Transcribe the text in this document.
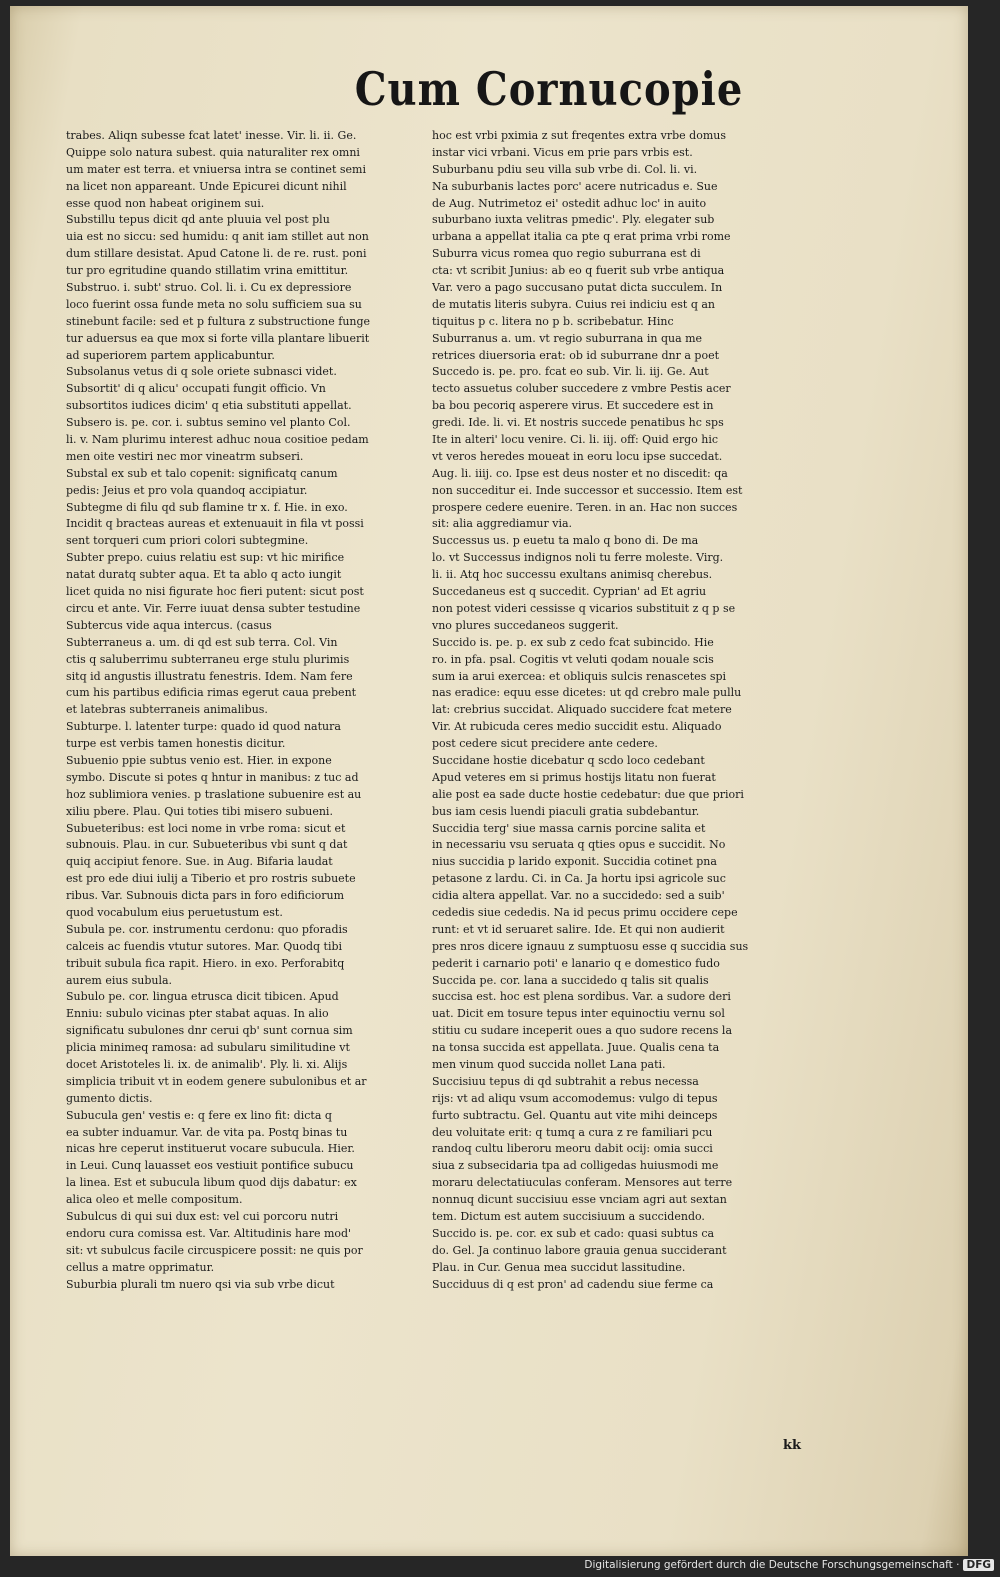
Cum Cornucopie
trabes. Aliqn subesse fcat latet' inesse. Vir. li. ii. Ge.
Quippe solo natura subest. quia naturaliter rex omni
um mater est terra. et vniuersa intra se continet semi
na licet non appareant. Unde Epicurei dicunt nihil
esse quod non habeat originem sui.
Substillu tepus dicit qd ante pluuia vel post plu
uia est no siccu: sed humidu: q anit iam stillet aut non
dum stillare desistat. Apud Catone li. de re. rust. poni
tur pro egritudine quando stillatim vrina emittitur.
Substruo. i. subt' struo. Col. li. i. Cu ex depressiore
loco fuerint ossa funde meta no solu sufficiem sua su
stinebunt facile: sed et p fultura z substructione funge
tur aduersus ea que mox si forte villa plantare libuerit
ad superiorem partem applicabuntur.
Subsolanus vetus di q sole oriete subnasci videt.
Subsortit' di q alicu' occupati fungit officio. Vn
subsortitos iudices dicim' q etia substituti appellat.
Subsero is. pe. cor. i. subtus semino vel planto Col.
li. v. Nam plurimu interest adhuc noua cositioe pedam
men oite vestiri nec mor vineatrm subseri.
Substal ex sub et talo copenit: significatq canum
pedis: Jeius et pro vola quandoq accipiatur.
Subtegme di filu qd sub flamine tr x. f. Hie. in exo.
Incidit q bracteas aureas et extenuauit in fila vt possi
sent torqueri cum priori colori subtegmine.
Subter prepo. cuius relatiu est sup: vt hic mirifice
natat duratq subter aqua. Et ta ablo q acto iungit
licet quida no nisi figurate hoc fieri putent: sicut post
circu et ante. Vir. Ferre iuuat densa subter testudine
Subtercus vide aqua intercus. (casus
Subterraneus a. um. di qd est sub terra. Col. Vin
ctis q saluberrimu subterraneu erge stulu plurimis
sitq id angustis illustratu fenestris. Idem. Nam fere
cum his partibus edificia rimas egerut caua prebent
et latebras subterraneis animalibus.
Subturpe. l. latenter turpe: quado id quod natura
turpe est verbis tamen honestis dicitur.
Subuenio ppie subtus venio est. Hier. in expone
symbo. Discute si potes q hntur in manibus: z tuc ad
hoz sublimiora venies. p traslatione subuenire est au
xiliu pbere. Plau. Qui toties tibi misero subueni.
Subueteribus: est loci nome in vrbe roma: sicut et
subnouis. Plau. in cur. Subueteribus vbi sunt q dat
quiq accipiut fenore. Sue. in Aug. Bifaria laudat
est pro ede diui iulij a Tiberio et pro rostris subuete
ribus. Var. Subnouis dicta pars in foro edificiorum
quod vocabulum eius peruetustum est.
Subula pe. cor. instrumentu cerdonu: quo pforadis
calceis ac fuendis vtutur sutores. Mar. Quodq tibi
tribuit subula fica rapit. Hiero. in exo. Perforabitq
aurem eius subula.
Subulo pe. cor. lingua etrusca dicit tibicen. Apud
Enniu: subulo vicinas pter stabat aquas. In alio
significatu subulones dnr cerui qb' sunt cornua sim
plicia minimeq ramosa: ad subularu similitudine vt
docet Aristoteles li. ix. de animalib'. Ply. li. xi. Alijs
simplicia tribuit vt in eodem genere subulonibus et ar
gumento dictis.
Subucula gen' vestis e: q fere ex lino fit: dicta q
ea subter induamur. Var. de vita pa. Postq binas tu
nicas hre ceperut instituerut vocare subucula. Hier.
in Leui. Cunq lauasset eos vestiuit pontifice subucu
la linea. Est et subucula libum quod dijs dabatur: ex
alica oleo et melle compositum.
Subulcus di qui sui dux est: vel cui porcoru nutri
endoru cura comissa est. Var. Altitudinis hare mod'
sit: vt subulcus facile circuspicere possit: ne quis por
cellus a matre opprimatur.
Suburbia plurali tm nuero qsi via sub vrbe dicut
hoc est vrbi pximia z sut freqentes extra vrbe domus
instar vici vrbani. Vicus em prie pars vrbis est.
Suburbanu pdiu seu villa sub vrbe di. Col. li. vi.
Na suburbanis lactes porc' acere nutricadus e. Sue
de Aug. Nutrimetoz ei' ostedit adhuc loc' in auito
suburbano iuxta velitras pmedic'. Ply. elegater sub
urbana a appellat italia ca pte q erat prima vrbi rome
Suburra vicus romea quo regio suburrana est di
cta: vt scribit Junius: ab eo q fuerit sub vrbe antiqua
Var. vero a pago succusano putat dicta succulem. In
de mutatis literis subyra. Cuius rei indiciu est q an
tiquitus p c. litera no p b. scribebatur. Hinc
Suburranus a. um. vt regio suburrana in qua me
retrices diuersoria erat: ob id suburrane dnr a poet
Succedo is. pe. pro. fcat eo sub. Vir. li. iij. Ge. Aut
tecto assuetus coluber succedere z vmbre Pestis acer
ba bou pecoriq asperere virus. Et succedere est in
gredi. Ide. li. vi. Et nostris succede penatibus hc sps
Ite in alteri' locu venire. Ci. li. iij. off: Quid ergo hic
vt veros heredes moueat in eoru locu ipse succedat.
Aug. li. iiij. co. Ipse est deus noster et no discedit: qa
non succeditur ei. Inde successor et successio. Item est
prospere cedere euenire. Teren. in an. Hac non succes
sit: alia aggrediamur via.
Successus us. p euetu ta malo q bono di. De ma
lo. vt Successus indignos noli tu ferre moleste. Virg.
li. ii. Atq hoc successu exultans animisq cherebus.
Succedaneus est q succedit. Cyprian' ad Et agriu
non potest videri cessisse q vicarios substituit z q p se
vno plures succedaneos suggerit.
Succido is. pe. p. ex sub z cedo fcat subincido. Hie
ro. in pfa. psal. Cogitis vt veluti qodam nouale scis
sum ia arui exercea: et obliquis sulcis renascetes spi
nas eradice: equu esse dicetes: ut qd crebro male pullu
lat: crebrius succidat. Aliquado succidere fcat metere
Vir. At rubicuda ceres medio succidit estu. Aliquado
post cedere sicut precidere ante cedere.
Succidane hostie dicebatur q scdo loco cedebant
Apud veteres em si primus hostijs litatu non fuerat
alie post ea sade ducte hostie cedebatur: due que priori
bus iam cesis luendi piaculi gratia subdebantur.
Succidia terg' siue massa carnis porcine salita et
in necessariu vsu seruata q qties opus e succidit. No
nius succidia p larido exponit. Succidia cotinet pna
petasone z lardu. Ci. in Ca. Ja hortu ipsi agricole suc
cidia altera appellat. Var. no a succidedo: sed a suib'
cededis siue cededis. Na id pecus primu occidere cepe
runt: et vt id seruaret salire. Ide. Et qui non audierit
pres nros dicere ignauu z sumptuosu esse q succidia sus
pederit i carnario poti' e lanario q e domestico fudo
Succida pe. cor. lana a succidedo q talis sit qualis
succisa est. hoc est plena sordibus. Var. a sudore deri
uat. Dicit em tosure tepus inter equinoctiu vernu sol
stitiu cu sudare inceperit oues a quo sudore recens la
na tonsa succida est appellata. Juue. Qualis cena ta
men vinum quod succida nollet Lana pati.
Succisiuu tepus di qd subtrahit a rebus necessa
rijs: vt ad aliqu vsum accomodemus: vulgo di tepus
furto subtractu. Gel. Quantu aut vite mihi deinceps
deu voluitate erit: q tumq a cura z re familiari pcu
randoq cultu liberoru meoru dabit ocij: omia succi
siua z subsecidaria tpa ad colligedas huiusmodi me
moraru delectatiuculas conferam. Mensores aut terre
nonnuq dicunt succisiuu esse vnciam agri aut sextan
tem. Dictum est autem succisiuum a succidendo.
Succido is. pe. cor. ex sub et cado: quasi subtus ca
do. Gel. Ja continuo labore grauia genua succiderant
Plau. in Cur. Genua mea succidut lassitudine.
Succiduus di q est pron' ad cadendu siue ferme ca
kk
Digitalisierung gefördert durch die Deutsche Forschungsgemeinschaft · DFG
